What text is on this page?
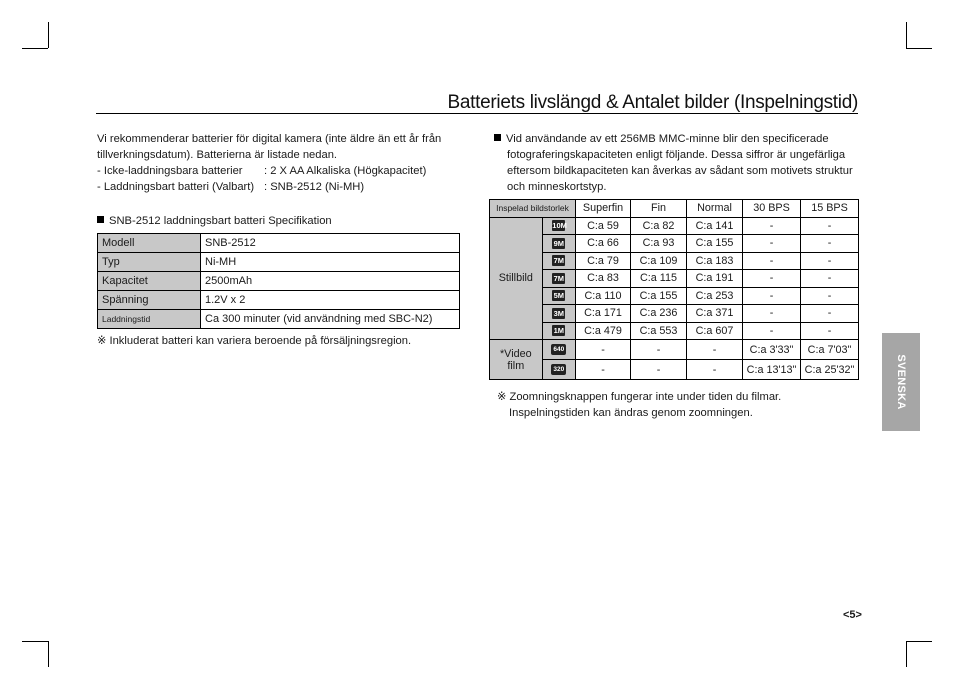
Batteriets livslängd & Antalet bilder (Inspelningstid)

Vi rekommenderar batterier för digital kamera (inte äldre än ett år från

tillverkningsdatum). Batterierna är listade nedan.

- Icke-laddningsbara batterier	: 2 X AA Alkaliska (Högkapacitet)
- Laddningsbart batteri (Valbart) : SNB-2512 (Ni-MH)
SNB-2512 laddningsbart batteri Specifikation
Modell	SNB-2512
Typ	Ni-MH
Kapacitet	2500mAh
Spänning	1.2V x 2
Laddningstid	Ca 300 minuter (vid användning med SBC-N2)
※ Inkluderat batteri kan variera beroende på försäljningsregion.

Vid användande av ett 256MB MMC-minne blir den specificerade fotograferingskapaciteten enligt följande. Dessa siffror är ungefärliga eftersom bildkapaciteten kan åverkas av sådant som motivets struktur och minneskortstyp.

Inspelad bildstorlek		Superfin	Fin	Normal	30 BPS	15 BPS
Stillbild	10M	C:a 59	C:a 82	C:a 141	-	-
	9M	C:a 66	C:a 93	C:a 155	-	-
	7M	C:a 79	C:a 109	C:a 183	-	-
	7M	C:a 83	C:a 115	C:a 191	-	-
	5M	C:a 110	C:a 155	C:a 253	-	-
	3M	C:a 171	C:a 236	C:a 371	-	-
	1M	C:a 479	C:a 553	C:a 607	-	-
*Video
film	640	-	-	-	C:a 3'33"	C:a 7'03"
	320	-	-	-	C:a 13'13"	C:a 25'32"
※ Zoomningsknappen fungerar inte under tiden du filmar.
Inspelningstiden kan ändras genom zoomningen.
SVENSKA
<5>
